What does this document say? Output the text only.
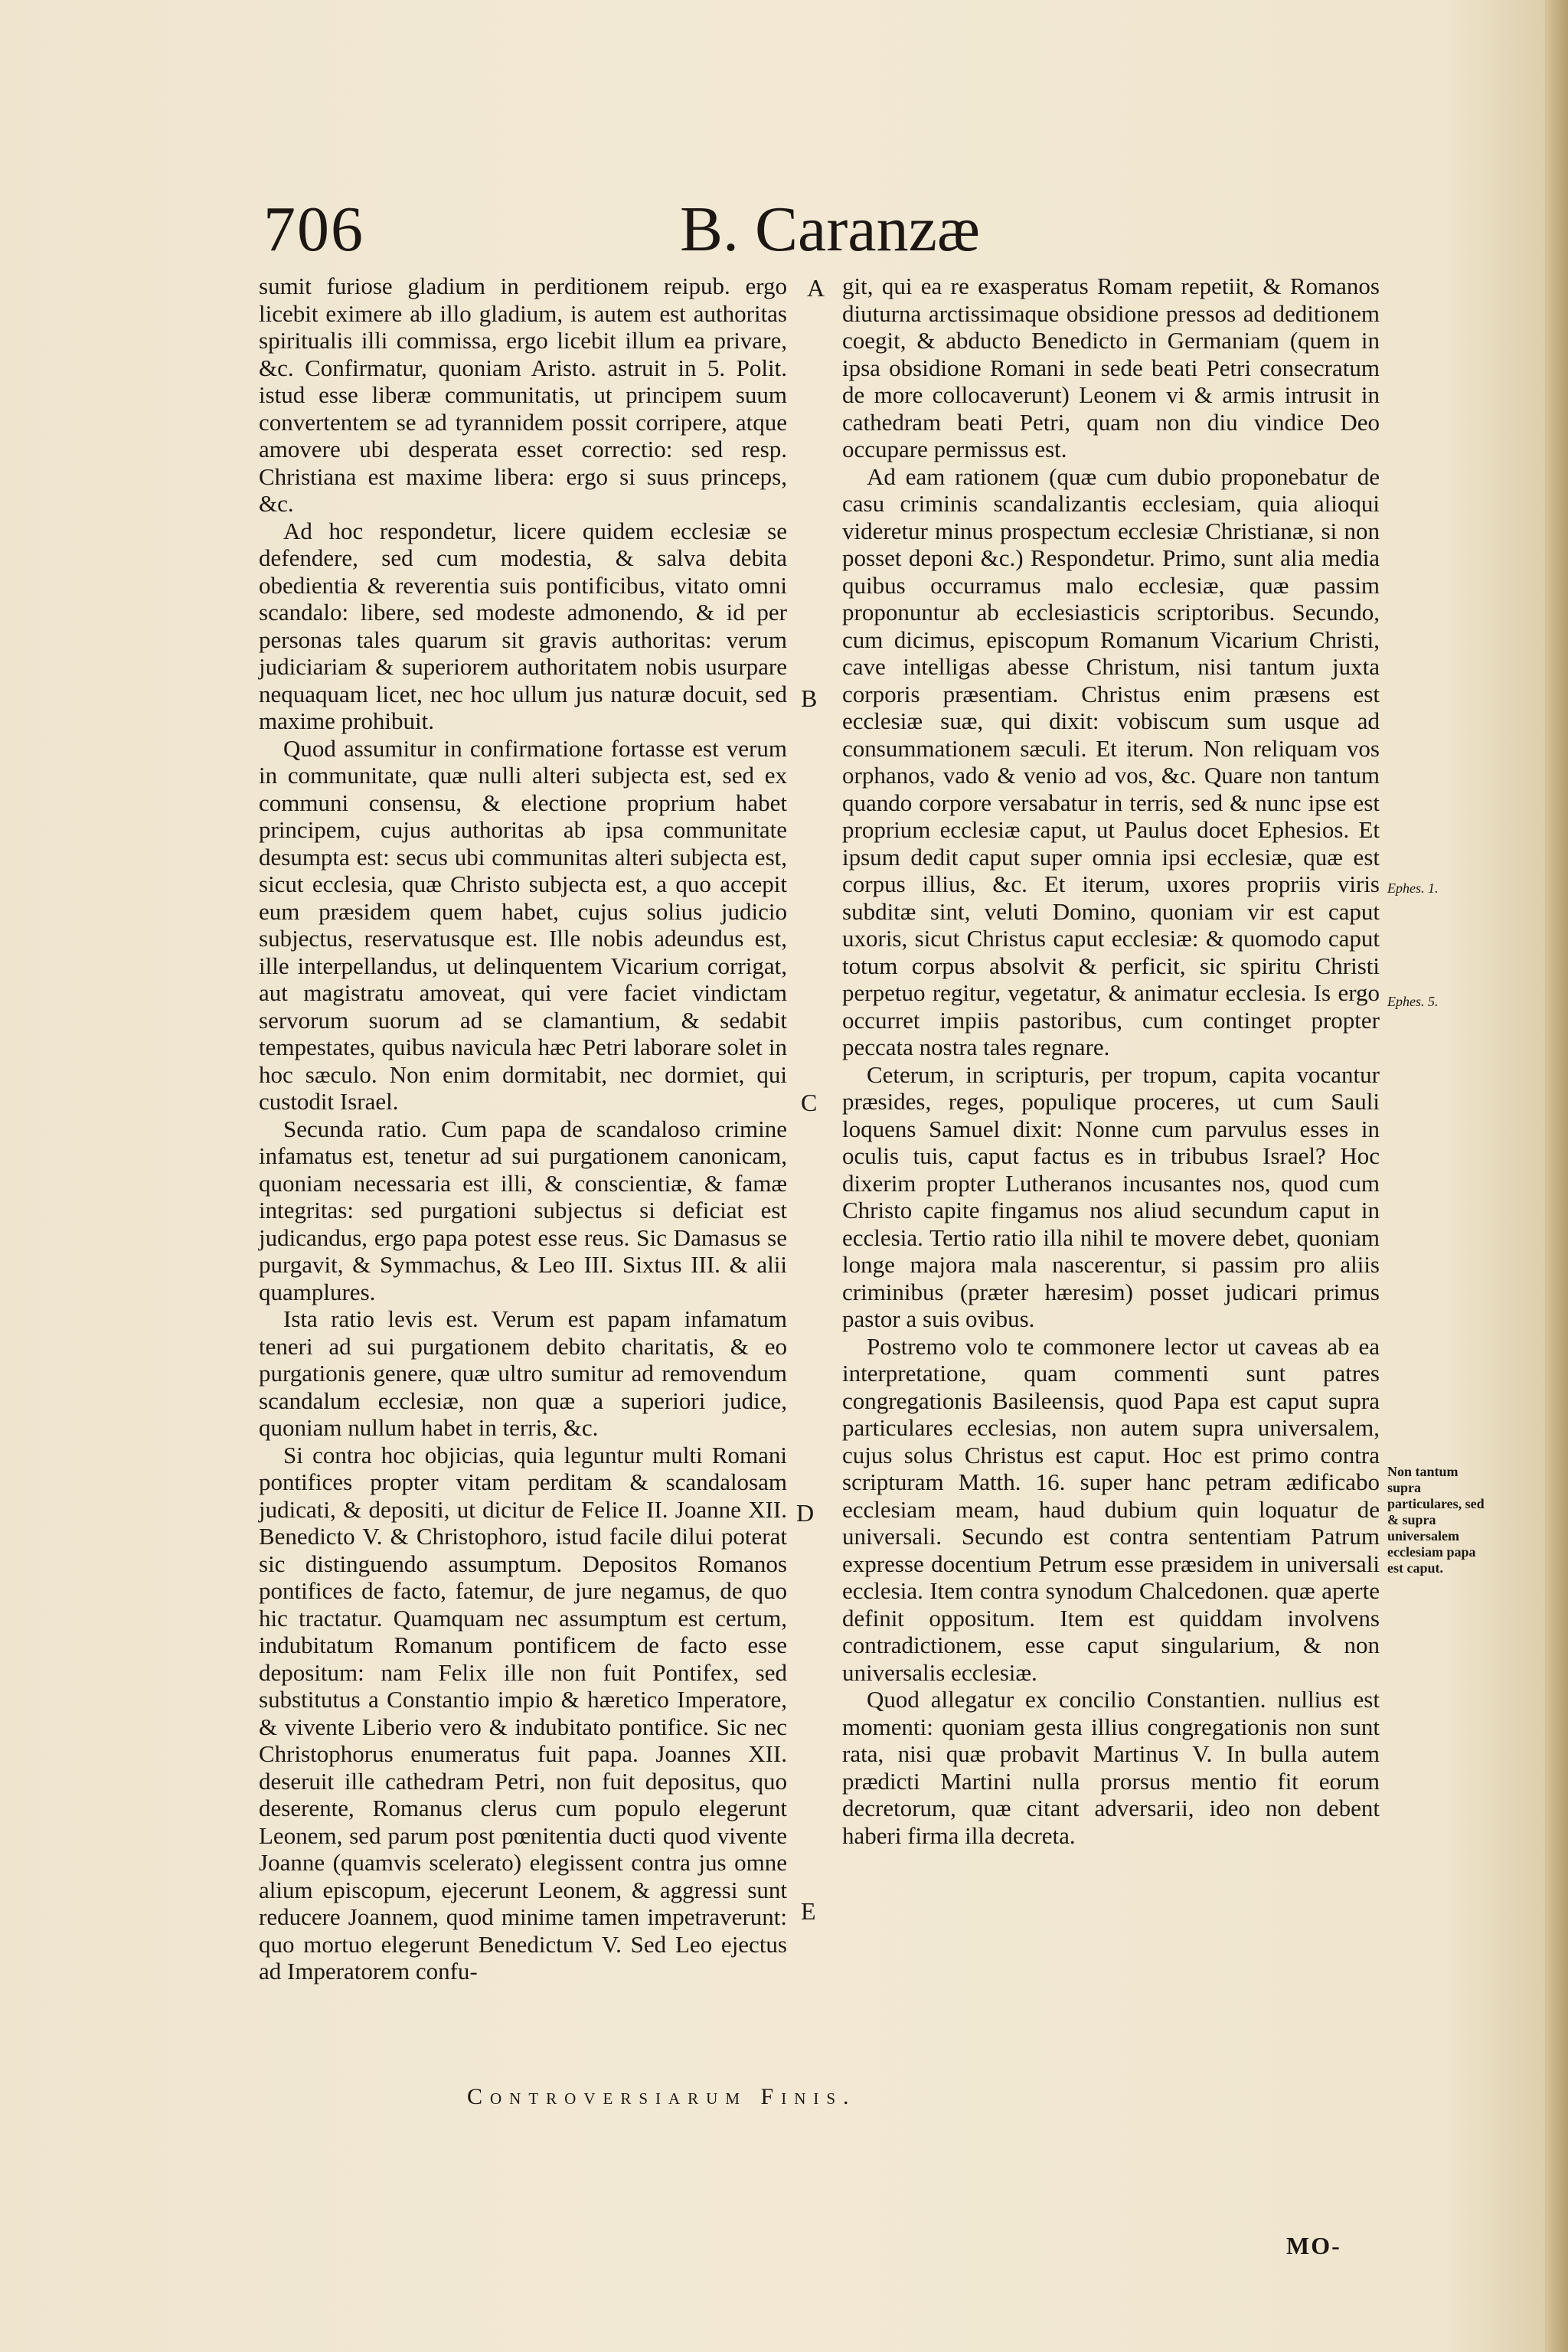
706	B. Caranzæ

sumit furiose gladium in perditionem reipub. ergo licebit eximere ab illo gladium, is autem est authoritas spiritualis illi commissa, ergo licebit illum ea privare, &c. Confirmatur, quoniam Aristo. astruit in 5. Polit. istud esse liberæ communitatis, ut principem suum convertentem se ad tyrannidem possit corripere, atque amovere ubi desperata esset correctio: sed resp. Christiana est maxime libera: ergo si suus princeps, &c.

Ad hoc respondetur, licere quidem ecclesiæ se defendere, sed cum modestia, & salva debita obedientia & reverentia suis pontificibus, vitato omni scandalo: libere, sed modeste admonendo, & id per personas tales quarum sit gravis authoritas: verum judiciariam & superiorem authoritatem nobis usurpare nequaquam licet, nec hoc ullum jus naturæ docuit, sed maxime prohibuit.

Quod assumitur in confirmatione fortasse est verum in communitate, quæ nulli alteri subjecta est, sed ex communi consensu, & electione proprium habet principem, cujus authoritas ab ipsa communitate desumpta est: secus ubi communitas alteri subjecta est, sicut ecclesia, quæ Christo subjecta est, a quo accepit eum præsidem quem habet, cujus solius judicio subjectus, reservatusque est. Ille nobis adeundus est, ille interpellandus, ut delinquentem Vicarium corrigat, aut magistratu amoveat, qui vere faciet vindictam servorum suorum ad se clamantium, & sedabit tempestates, quibus navicula hæc Petri laborare solet in hoc sæculo. Non enim dormitabit, nec dormiet, qui custodit Israel.

Secunda ratio. Cum papa de scandaloso crimine infamatus est, tenetur ad sui purgationem canonicam, quoniam necessaria est illi, & conscientiæ, & famæ integritas: sed purgationi subjectus si deficiat est judicandus, ergo papa potest esse reus. Sic Damasus se purgavit, & Symmachus, & Leo III. Sixtus III. & alii quamplures.

Ista ratio levis est. Verum est papam infamatum teneri ad sui purgationem debito charitatis, & eo purgationis genere, quæ ultro sumitur ad removendum scandalum ecclesiæ, non quæ a superiori judice, quoniam nullum habet in terris, &c.

Si contra hoc objicias, quia leguntur multi Romani pontifices propter vitam perditam & scandalosam judicati, & depositi, ut dicitur de Felice II. Joanne XII. Benedicto V. & Christophoro, istud facile dilui poterat sic distinguendo assumptum. Depositos Romanos pontifices de facto, fatemur, de jure negamus, de quo hic tractatur. Quamquam nec assumptum est certum, indubitatum Romanum pontificem de facto esse depositum: nam Felix ille non fuit Pontifex, sed substitutus a Constantio impio & hæretico Imperatore, & vivente Liberio vero & indubitato pontifice. Sic nec Christophorus enumeratus fuit papa. Joannes XII. deseruit ille cathedram Petri, non fuit depositus, quo deserente, Romanus clerus cum populo elegerunt Leonem, sed parum post pœnitentia ducti quod vivente Joanne (quamvis scelerato) elegissent contra jus omne alium episcopum, ejecerunt Leonem, & aggressi sunt reducere Joannem, quod minime tamen impetraverunt: quo mortuo elegerunt Benedictum V. Sed Leo ejectus ad Imperatorem confu-

A
B
C
D
E

git, qui ea re exasperatus Romam repetiit, & Romanos diuturna arctissimaque obsidione pressos ad deditionem coegit, & abducto Benedicto in Germaniam (quem in ipsa obsidione Romani in sede beati Petri consecratum de more collocaverunt) Leonem vi & armis intrusit in cathedram beati Petri, quam non diu vindice Deo occupare permissus est.

Ad eam rationem (quæ cum dubio proponebatur de casu criminis scandalizantis ecclesiam, quia alioqui videretur minus prospectum ecclesiæ Christianæ, si non posset deponi &c.) Respondetur. Primo, sunt alia media quibus occurramus malo ecclesiæ, quæ passim proponuntur ab ecclesiasticis scriptoribus. Secundo, cum dicimus, episcopum Romanum Vicarium Christi, cave intelligas abesse Christum, nisi tantum juxta corporis præsentiam. Christus enim præsens est ecclesiæ suæ, qui dixit: vobiscum sum usque ad consummationem sæculi. Et iterum. Non reliquam vos orphanos, vado & venio ad vos, &c. Quare non tantum quando corpore versabatur in terris, sed & nunc ipse est proprium ecclesiæ caput, ut Paulus docet Ephesios. Et ipsum dedit caput super omnia ipsi ecclesiæ, quæ est corpus illius, &c. Et iterum, uxores propriis viris subditæ sint, veluti Domino, quoniam vir est caput uxoris, sicut Christus caput ecclesiæ: & quomodo caput totum corpus absolvit & perficit, sic spiritu Christi perpetuo regitur, vegetatur, & animatur ecclesia. Is ergo occurret impiis pastoribus, cum continget propter peccata nostra tales regnare.

Ceterum, in scripturis, per tropum, capita vocantur præsides, reges, populique proceres, ut cum Sauli loquens Samuel dixit: Nonne cum parvulus esses in oculis tuis, caput factus es in tribubus Israel? Hoc dixerim propter Lutheranos incusantes nos, quod cum Christo capite fingamus nos aliud secundum caput in ecclesia. Tertio ratio illa nihil te movere debet, quoniam longe majora mala nascerentur, si passim pro aliis criminibus (præter hæresim) posset judicari primus pastor a suis ovibus.

Postremo volo te commonere lector ut caveas ab ea interpretatione, quam commenti sunt patres congregationis Basileensis, quod Papa est caput supra particulares ecclesias, non autem supra universalem, cujus solus Christus est caput. Hoc est primo contra scripturam Matth. 16. super hanc petram ædificabo ecclesiam meam, haud dubium quin loquatur de universali. Secundo est contra sententiam Patrum expresse docentium Petrum esse præsidem in universali ecclesia. Item contra synodum Chalcedonen. quæ aperte definit oppositum. Item est quiddam involvens contradictionem, esse caput singularium, & non universalis ecclesiæ.

Quod allegatur ex concilio Constantien. nullius est momenti: quoniam gesta illius congregationis non sunt rata, nisi quæ probavit Martinus V. In bulla autem prædicti Martini nulla prorsus mentio fit eorum decretorum, quæ citant adversarii, ideo non debent haberi firma illa decreta.

Ephes. 1.
Ephes. 5.
Non tantum supra particulares, sed & supra universalem ecclesiam papa est caput.
Controversiarum Finis.
MO-
